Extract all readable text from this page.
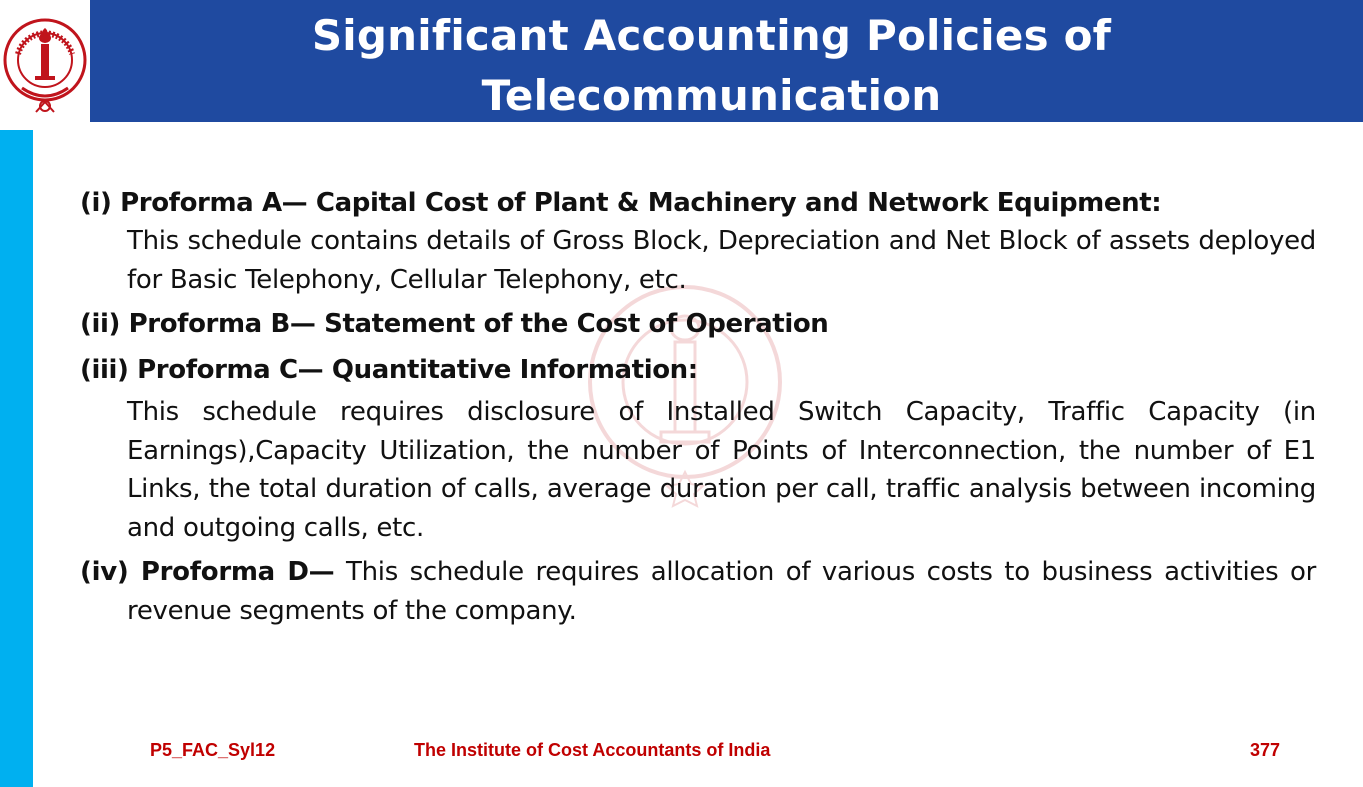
Significant Accounting Policies of Telecommunication

(i) Proforma A— Capital Cost of Plant & Machinery and Network Equipment:

This schedule contains details of Gross Block, Depreciation and Net Block of assets deployed for Basic Telephony, Cellular Telephony, etc.

(ii) Proforma B— Statement of the Cost of Operation

(iii) Proforma C— Quantitative Information:

This schedule requires disclosure of Installed Switch Capacity, Traffic Capacity (in Earnings),Capacity Utilization, the number of Points of Interconnection, the number of E1 Links, the total duration of calls, average duration per call, traffic analysis between incoming and outgoing calls, etc.

(iv) Proforma D— This schedule requires allocation of various costs to business activities or revenue segments of the company.

P5_FAC_Syl12	The Institute of Cost Accountants of India	377
